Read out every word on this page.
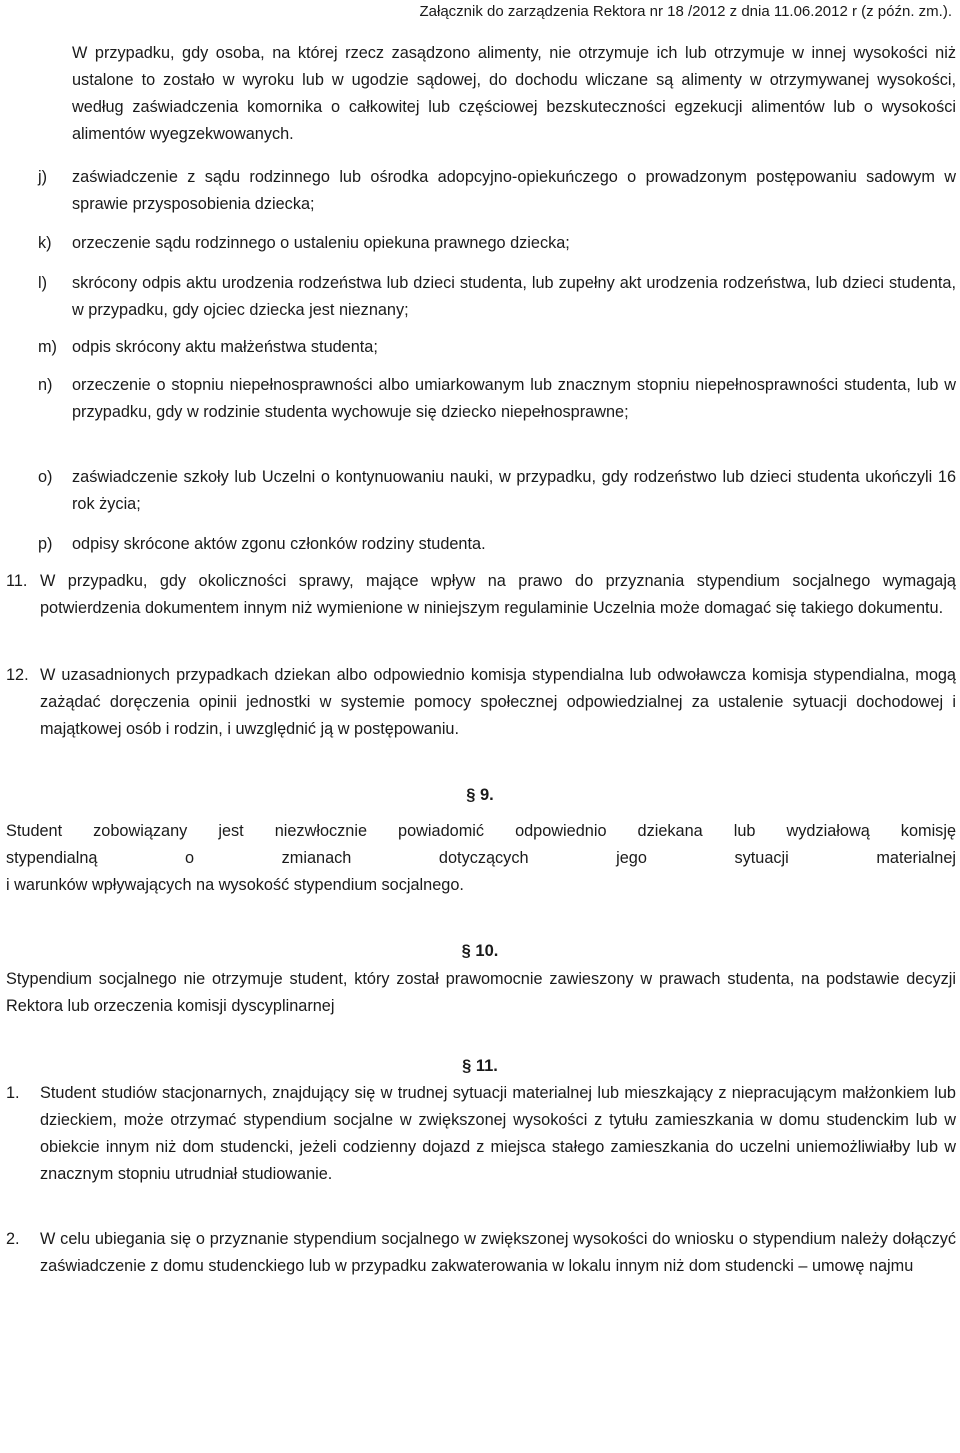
Załącznik do zarządzenia Rektora nr 18 /2012 z dnia 11.06.2012 r (z późn. zm.).

W przypadku, gdy osoba, na której rzecz zasądzono alimenty, nie otrzymuje ich lub otrzymuje w innej wysokości niż ustalone to zostało w wyroku lub w ugodzie sądowej, do dochodu wliczane są alimenty w otrzymywanej wysokości, według zaświadczenia komornika o całkowitej lub częściowej bezskuteczności egzekucji alimentów lub o wysokości alimentów wyegzekwowanych.

j) zaświadczenie z sądu rodzinnego lub ośrodka adopcyjno-opiekuńczego o prowadzonym postępowaniu sadowym w sprawie przysposobienia dziecka;
k) orzeczenie sądu rodzinnego o ustaleniu opiekuna prawnego dziecka;
l) skrócony odpis aktu urodzenia rodzeństwa lub dzieci studenta, lub zupełny akt urodzenia rodzeństwa, lub dzieci studenta, w przypadku, gdy ojciec dziecka jest nieznany;
m) odpis skrócony aktu małżeństwa studenta;
n) orzeczenie o stopniu niepełnosprawności albo umiarkowanym lub znacznym stopniu niepełnosprawności studenta, lub w przypadku, gdy w rodzinie studenta wychowuje się dziecko niepełnosprawne;
o) zaświadczenie szkoły lub Uczelni o kontynuowaniu nauki, w przypadku, gdy rodzeństwo lub dzieci studenta ukończyli 16 rok życia;
p) odpisy skrócone aktów zgonu członków rodziny studenta.
11. W przypadku, gdy okoliczności sprawy, mające wpływ na prawo do przyznania stypendium socjalnego wymagają potwierdzenia dokumentem innym niż wymienione w niniejszym regulaminie Uczelnia może domagać się takiego dokumentu.
12. W uzasadnionych przypadkach dziekan albo odpowiednio komisja stypendialna lub odwoławcza komisja stypendialna, mogą zażądać doręczenia opinii jednostki w systemie pomocy społecznej odpowiedzialnej za ustalenie sytuacji dochodowej i majątkowej osób i rodzin, i uwzględnić ją w postępowaniu.
§ 9.
Student zobowiązany jest niezwłocznie powiadomić odpowiednio dziekana lub wydziałową komisję
stypendialną o zmianach dotyczących jego sytuacji materialnej
i warunków wpływających na wysokość stypendium socjalnego.
§ 10.
Stypendium socjalnego nie otrzymuje student, który został prawomocnie zawieszony w prawach studenta, na podstawie decyzji Rektora lub orzeczenia komisji dyscyplinarnej
§ 11.
1. Student studiów stacjonarnych, znajdujący się w trudnej sytuacji materialnej lub mieszkający z niepracującym małżonkiem lub dzieckiem, może otrzymać stypendium socjalne w zwiększonej wysokości z tytułu zamieszkania w domu studenckim lub w obiekcie innym niż dom studencki, jeżeli codzienny dojazd z miejsca stałego zamieszkania do uczelni uniemożliwiałby lub w znacznym stopniu utrudniał studiowanie.
2. W celu ubiegania się o przyznanie stypendium socjalnego w zwiększonej wysokości do wniosku o stypendium należy dołączyć zaświadczenie z domu studenckiego lub w przypadku zakwaterowania w lokalu innym niż dom studencki – umowę najmu
